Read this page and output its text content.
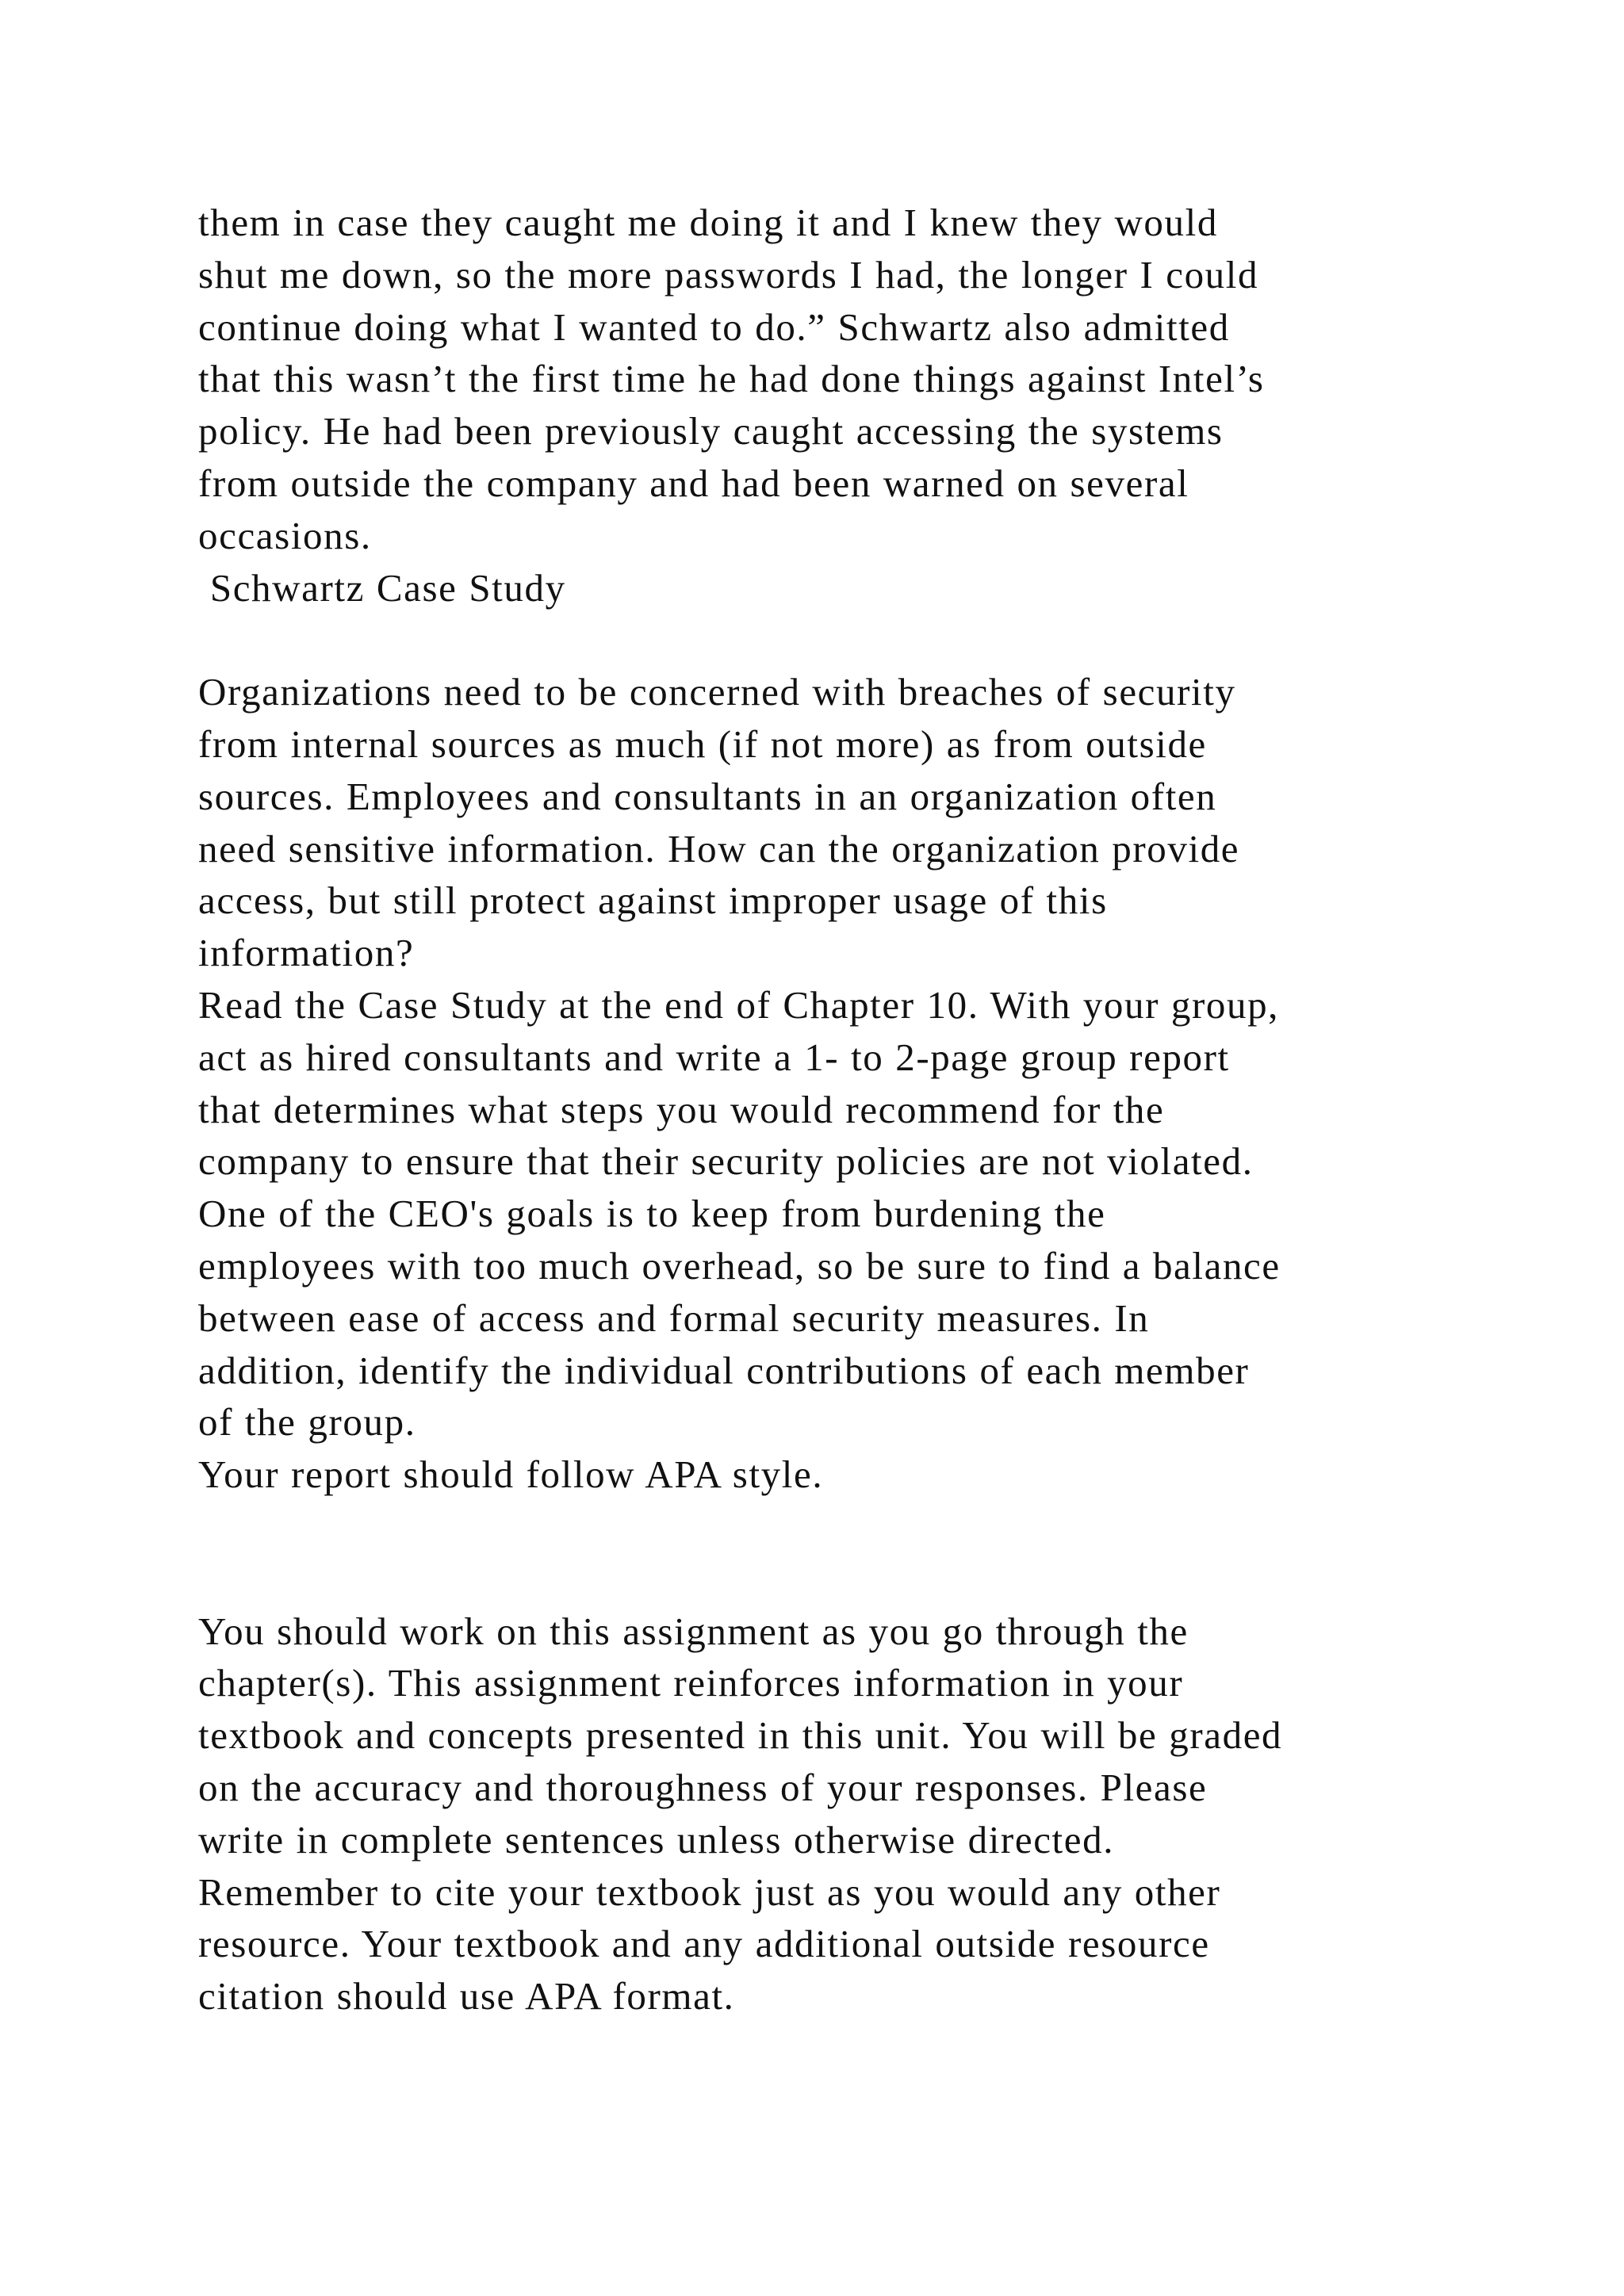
them in case they caught me doing it and I knew they would
shut me down, so the more passwords I had, the longer I could
continue doing what I wanted to do.” Schwartz also admitted
that this wasn’t the first time he had done things against Intel’s
policy. He had been previously caught accessing the systems
from outside the company and had been warned on several
occasions.
Schwartz Case Study
Organizations need to be concerned with breaches of security
from internal sources as much (if not more) as from outside
sources. Employees and consultants in an organization often
need sensitive information. How can the organization provide
access, but still protect against improper usage of this
information?
Read the Case Study at the end of Chapter 10. With your group,
act as hired consultants and write a 1- to 2-page group report
that determines what steps you would recommend for the
company to ensure that their security policies are not violated.
One of the CEO's goals is to keep from burdening the
employees with too much overhead, so be sure to find a balance
between ease of access and formal security measures. In
addition, identify the individual contributions of each member
of the group.
Your report should follow APA style.
You should work on this assignment as you go through the
chapter(s). This assignment reinforces information in your
textbook and concepts presented in this unit. You will be graded
on the accuracy and thoroughness of your responses. Please
write in complete sentences unless otherwise directed.
Remember to cite your textbook just as you would any other
resource. Your textbook and any additional outside resource
citation should use APA format.
